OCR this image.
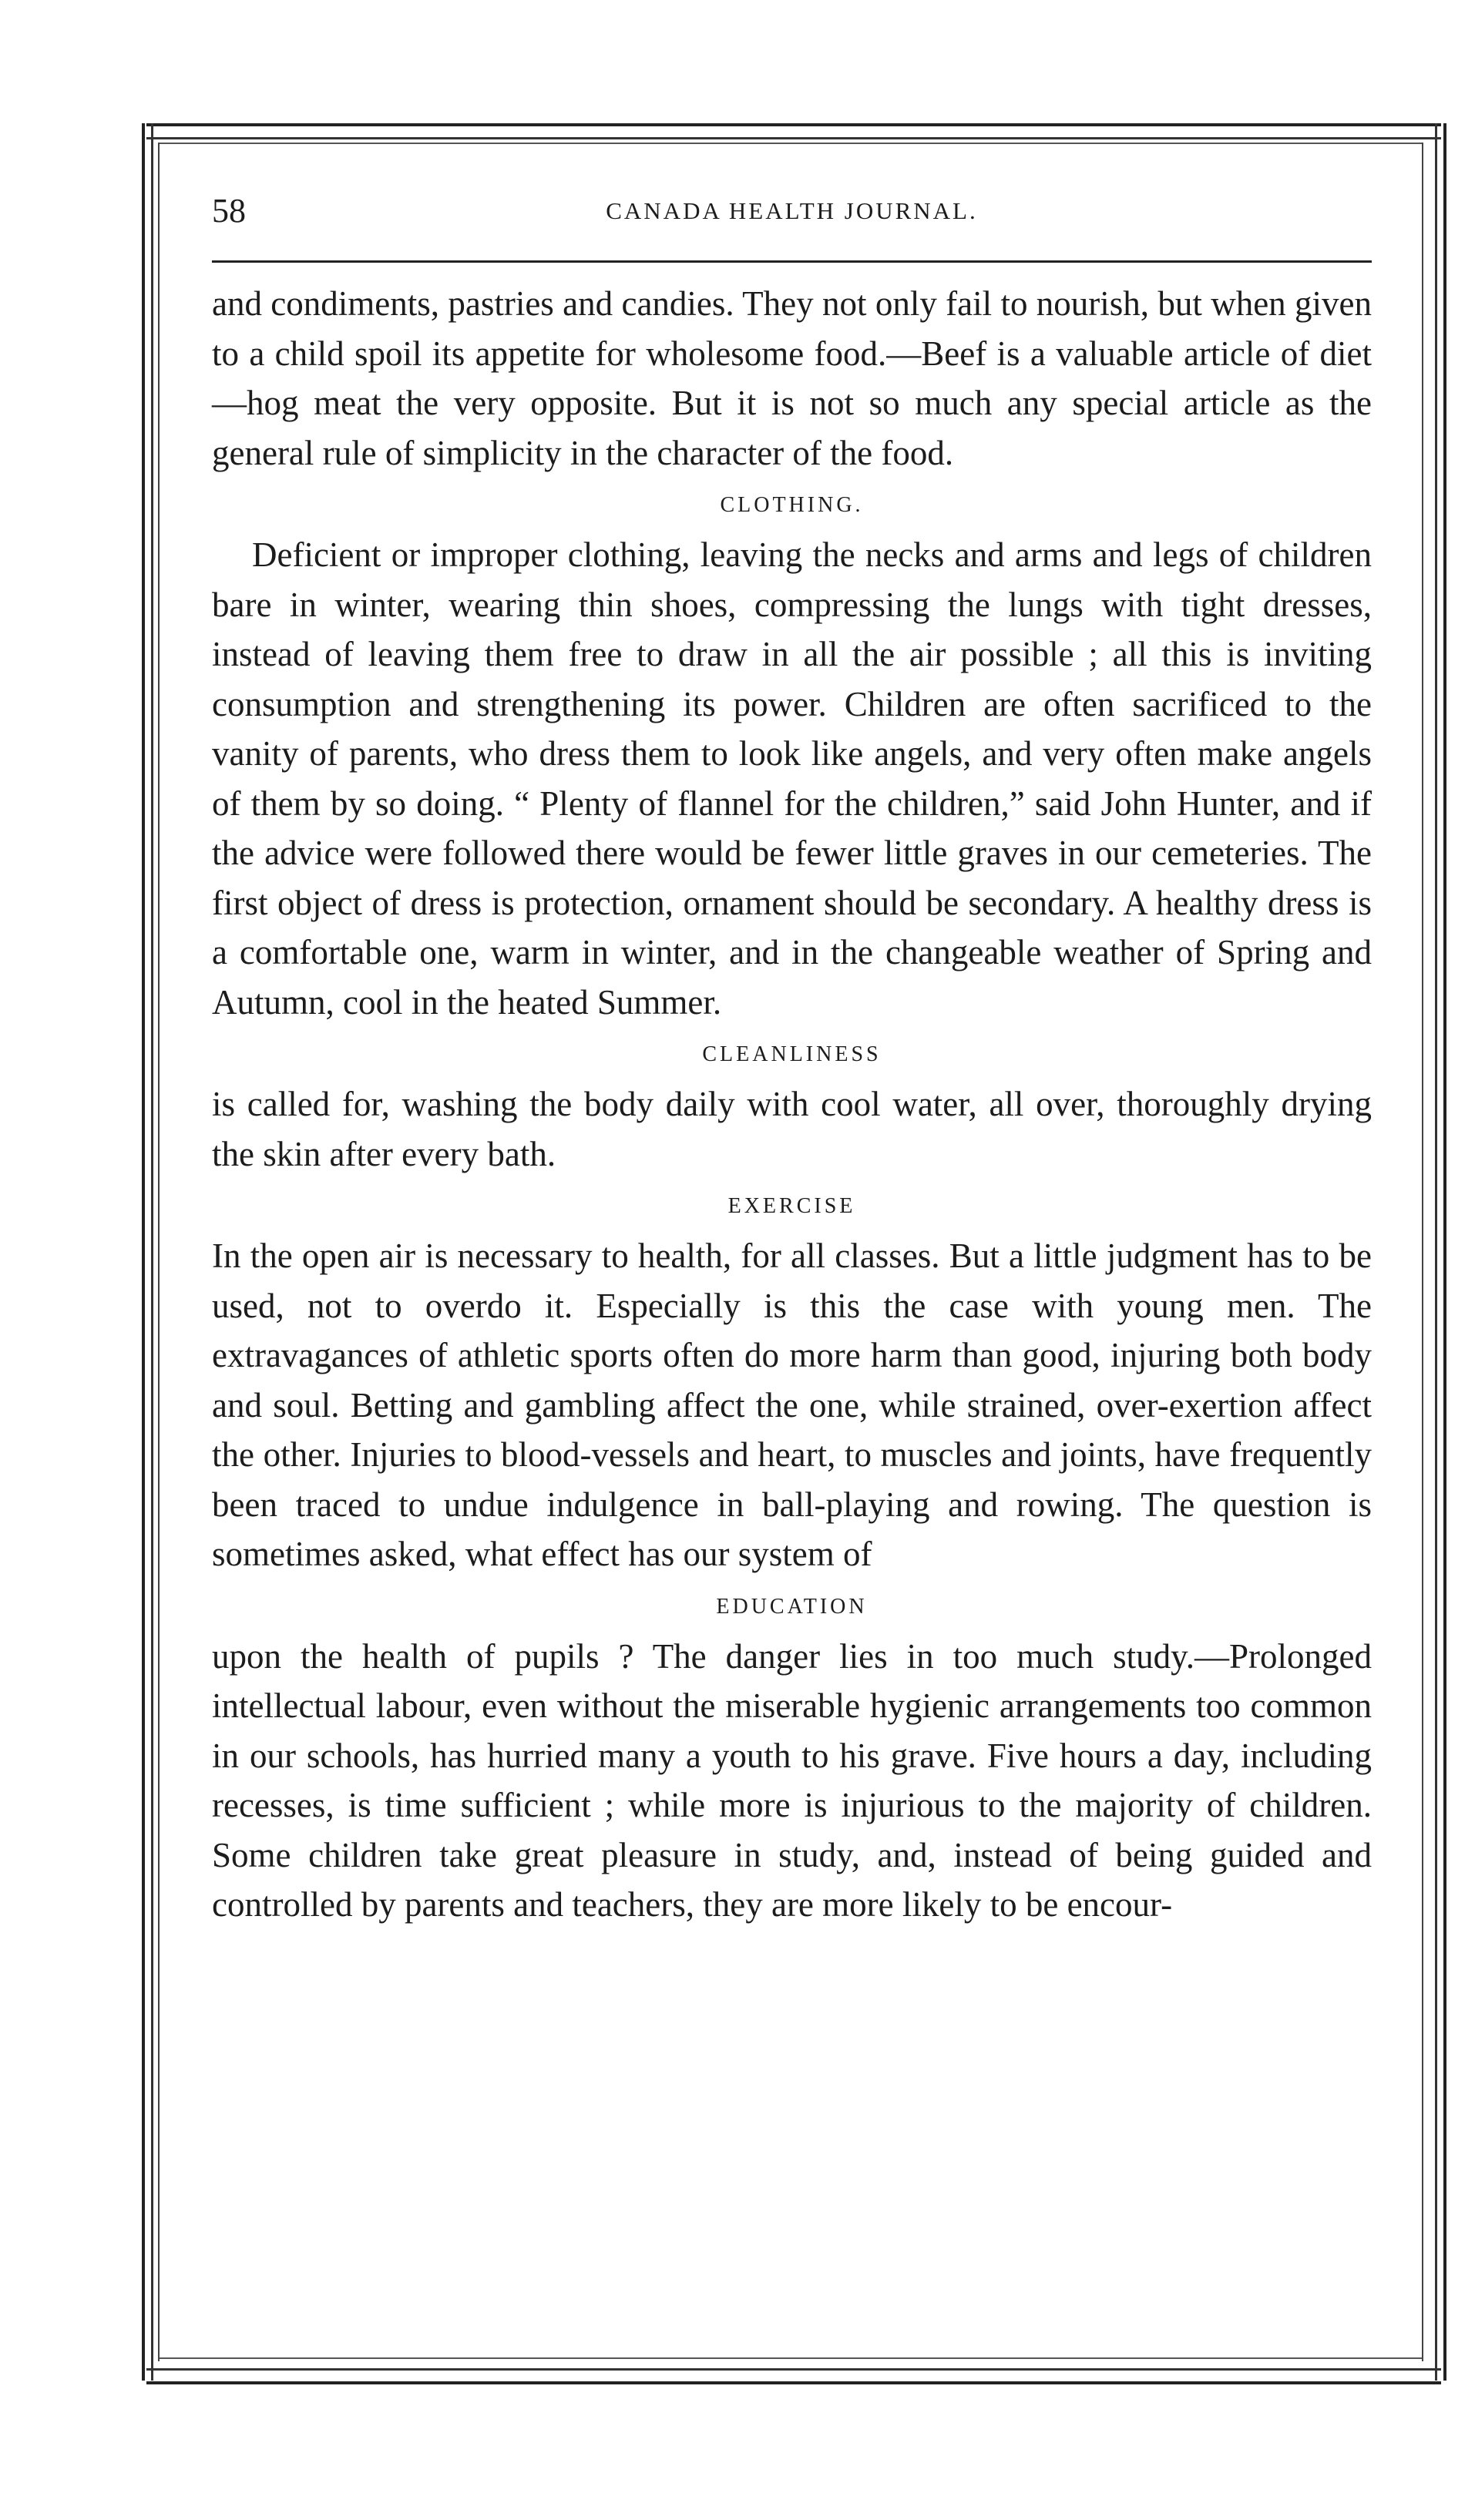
58	CANADA HEALTH JOURNAL.

and condiments, pastries and candies. They not only fail to nourish, but when given to a child spoil its appetite for wholesome food.—Beef is a valuable article of diet—hog meat the very opposite. But it is not so much any special article as the general rule of simplicity in the character of the food.

CLOTHING.

Deficient or improper clothing, leaving the necks and arms and legs of children bare in winter, wearing thin shoes, compressing the lungs with tight dresses, instead of leaving them free to draw in all the air possible ; all this is inviting consumption and strengthening its power. Children are often sacrificed to the vanity of parents, who dress them to look like angels, and very often make angels of them by so doing. “ Plenty of flannel for the children,” said John Hunter, and if the advice were followed there would be fewer little graves in our cemeteries. The first object of dress is protection, ornament should be secondary. A healthy dress is a comfortable one, warm in winter, and in the changeable weather of Spring and Autumn, cool in the heated Summer.

CLEANLINESS

is called for, washing the body daily with cool water, all over, thoroughly drying the skin after every bath.

EXERCISE

In the open air is necessary to health, for all classes. But a little judgment has to be used, not to overdo it. Especially is this the case with young men. The extravagances of athletic sports often do more harm than good, injuring both body and soul. Betting and gambling affect the one, while strained, over-exertion affect the other. Injuries to blood-vessels and heart, to muscles and joints, have frequently been traced to undue indulgence in ball-playing and rowing. The question is sometimes asked, what effect has our system of

EDUCATION

upon the health of pupils ? The danger lies in too much study.—Prolonged intellectual labour, even without the miserable hygienic arrangements too common in our schools, has hurried many a youth to his grave. Five hours a day, including recesses, is time sufficient ; while more is injurious to the majority of children. Some children take great pleasure in study, and, instead of being guided and controlled by parents and teachers, they are more likely to be encour-
